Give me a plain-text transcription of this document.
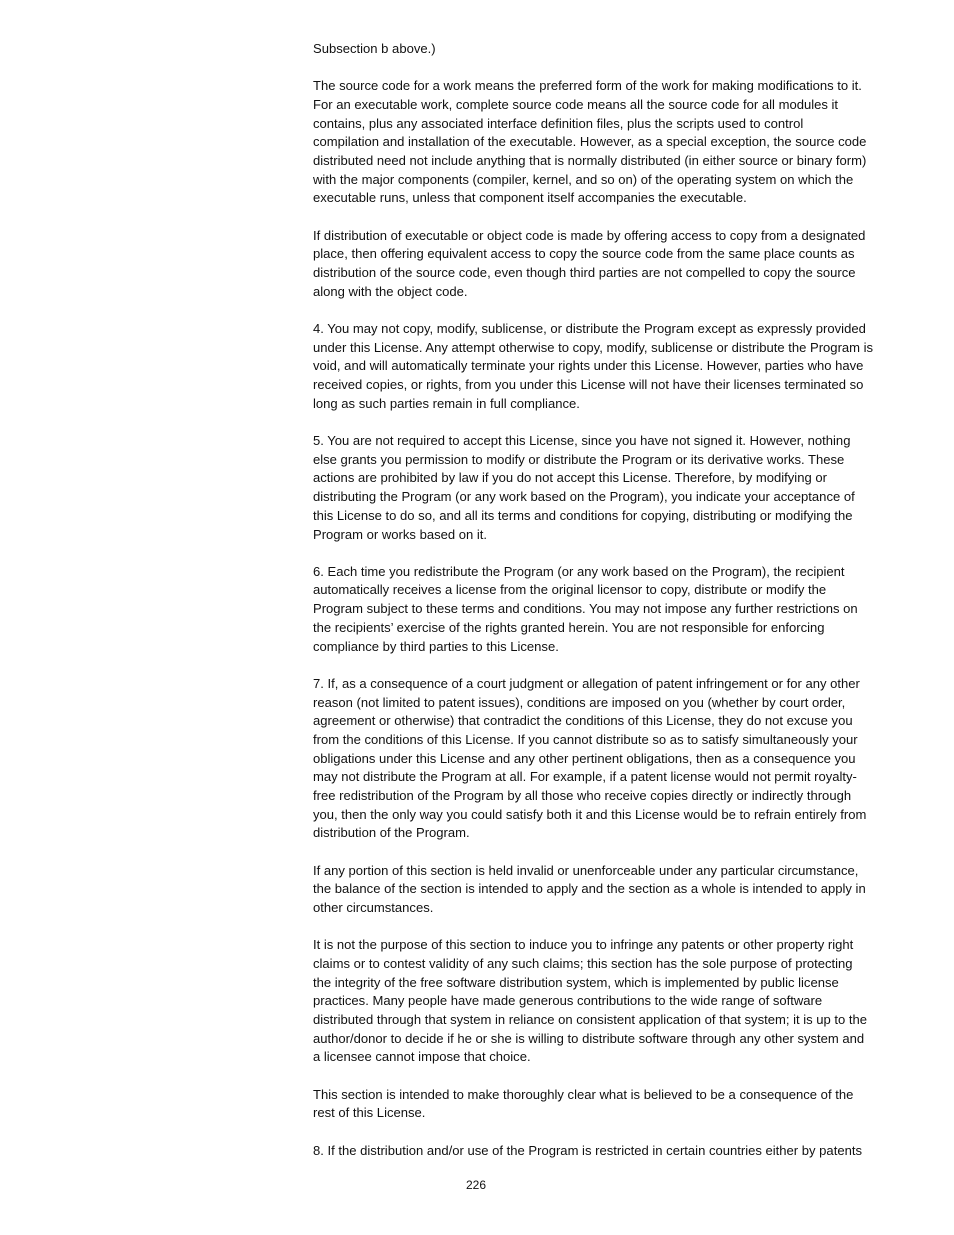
Subsection b above.)

The source code for a work means the preferred form of the work for making modifications to it.
For an executable work, complete source code means all the source code for all modules it
contains, plus any associated interface definition files, plus the scripts used to control
compilation and installation of the executable. However, as a special exception, the source code
distributed need not include anything that is normally distributed (in either source or binary form)
with the major components (compiler, kernel, and so on) of the operating system on which the
executable runs, unless that component itself accompanies the executable.

If distribution of executable or object code is made by offering access to copy from a designated
place, then offering equivalent access to copy the source code from the same place counts as
distribution of the source code, even though third parties are not compelled to copy the source
along with the object code.

4. You may not copy, modify, sublicense, or distribute the Program except as expressly provided
under this License. Any attempt otherwise to copy, modify, sublicense or distribute the Program is
void, and will automatically terminate your rights under this License. However, parties who have
received copies, or rights, from you under this License will not have their licenses terminated so
long as such parties remain in full compliance.

5. You are not required to accept this License, since you have not signed it. However, nothing
else grants you permission to modify or distribute the Program or its derivative works. These
actions are prohibited by law if you do not accept this License. Therefore, by modifying or
distributing the Program (or any work based on the Program), you indicate your acceptance of
this License to do so, and all its terms and conditions for copying, distributing or modifying the
Program or works based on it.

6. Each time you redistribute the Program (or any work based on the Program), the recipient
automatically receives a license from the original licensor to copy, distribute or modify the
Program subject to these terms and conditions. You may not impose any further restrictions on
the recipients’ exercise of the rights granted herein. You are not responsible for enforcing
compliance by third parties to this License.

7. If, as a consequence of a court judgment or allegation of patent infringement or for any other
reason (not limited to patent issues), conditions are imposed on you (whether by court order,
agreement or otherwise) that contradict the conditions of this License, they do not excuse you
from the conditions of this License. If you cannot distribute so as to satisfy simultaneously your
obligations under this License and any other pertinent obligations, then as a consequence you
may not distribute the Program at all. For example, if a patent license would not permit royalty-
free redistribution of the Program by all those who receive copies directly or indirectly through
you, then the only way you could satisfy both it and this License would be to refrain entirely from
distribution of the Program.

If any portion of this section is held invalid or unenforceable under any particular circumstance,
the balance of the section is intended to apply and the section as a whole is intended to apply in
other circumstances.

It is not the purpose of this section to induce you to infringe any patents or other property right
claims or to contest validity of any such claims; this section has the sole purpose of protecting
the integrity of the free software distribution system, which is implemented by public license
practices. Many people have made generous contributions to the wide range of software
distributed through that system in reliance on consistent application of that system; it is up to the
author/donor to decide if he or she is willing to distribute software through any other system and
a licensee cannot impose that choice.

This section is intended to make thoroughly clear what is believed to be a consequence of the
rest of this License.

8. If the distribution and/or use of the Program is restricted in certain countries either by patents

226
